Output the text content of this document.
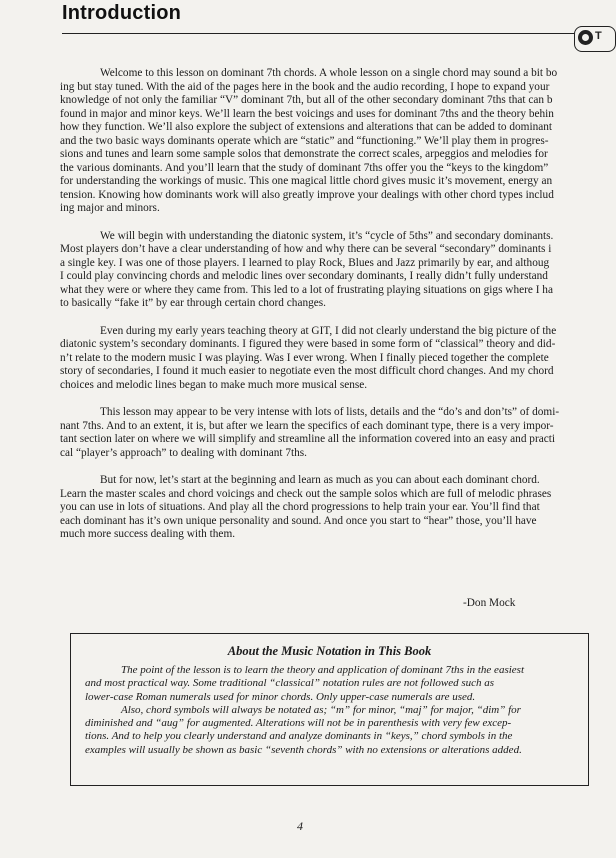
Introduction
T

Welcome to this lesson on dominant 7th chords. A whole lesson on a single chord may sound a bit bo
ing but stay tuned. With the aid of the pages here in the book and the audio recording, I hope to expand your
knowledge of not only the familiar “V” dominant 7th, but all of the other secondary dominant 7ths that can b
found in major and minor keys. We’ll learn the best voicings and uses for dominant 7ths and the theory behin
how they function. We’ll also explore the subject of extensions and alterations that can be added to dominant
and the two basic ways dominants operate which are “static” and “functioning.” We’ll play them in progres-
sions and tunes and learn some sample solos that demonstrate the correct scales, arpeggios and melodies for
the various dominants. And you’ll learn that the study of dominant 7ths offer you the “keys to the kingdom”
for understanding the workings of music. This one magical little chord gives music it’s movement, energy an
tension. Knowing how dominants work will also greatly improve your dealings with other chord types includ
ing major and minors.

We will begin with understanding the diatonic system, it’s “cycle of 5ths” and secondary dominants.
Most players don’t have a clear understanding of how and why there can be several “secondary” dominants i
a single key. I was one of those players. I learned to play Rock, Blues and Jazz primarily by ear, and althoug
I could play convincing chords and melodic lines over secondary dominants, I really didn’t fully understand
what they were or where they came from. This led to a lot of frustrating playing situations on gigs where I ha
to basically “fake it” by ear through certain chord changes.

Even during my early years teaching theory at GIT, I did not clearly understand the big picture of the
diatonic system’s secondary dominants. I figured they were based in some form of “classical” theory and did-
n’t relate to the modern music I was playing. Was I ever wrong. When I finally pieced together the complete
story of secondaries, I found it much easier to negotiate even the most difficult chord changes. And my chord
choices and melodic lines began to make much more musical sense.

This lesson may appear to be very intense with lots of lists, details and the “do’s and don’ts” of domi-
nant 7ths. And to an extent, it is, but after we learn the specifics of each dominant type, there is a very impor-
tant section later on where we will simplify and streamline all the information covered into an easy and practi
cal “player’s approach” to dealing with dominant 7ths.

But for now, let’s start at the beginning and learn as much as you can about each dominant chord.
Learn the master scales and chord voicings and check out the sample solos which are full of melodic phrases
you can use in lots of situations. And play all the chord progressions to help train your ear. You’ll find that
each dominant has it’s own unique personality and sound. And once you start to “hear” those, you’ll have
much more success dealing with them.

-Don Mock
About the Music Notation in This Book
The point of the lesson is to learn the theory and application of dominant 7ths in the easiest
and most practical way. Some traditional “classical” notation rules are not followed such as
lower-case Roman numerals used for minor chords. Only upper-case numerals are used.
Also, chord symbols will always be notated as; “m” for minor, “maj” for major, “dim” for
diminished and “aug” for augmented. Alterations will not be in parenthesis with very few excep-
tions. And to help you clearly understand and analyze dominants in “keys,” chord symbols in the
examples will usually be shown as basic “seventh chords” with no extensions or alterations added.
4
